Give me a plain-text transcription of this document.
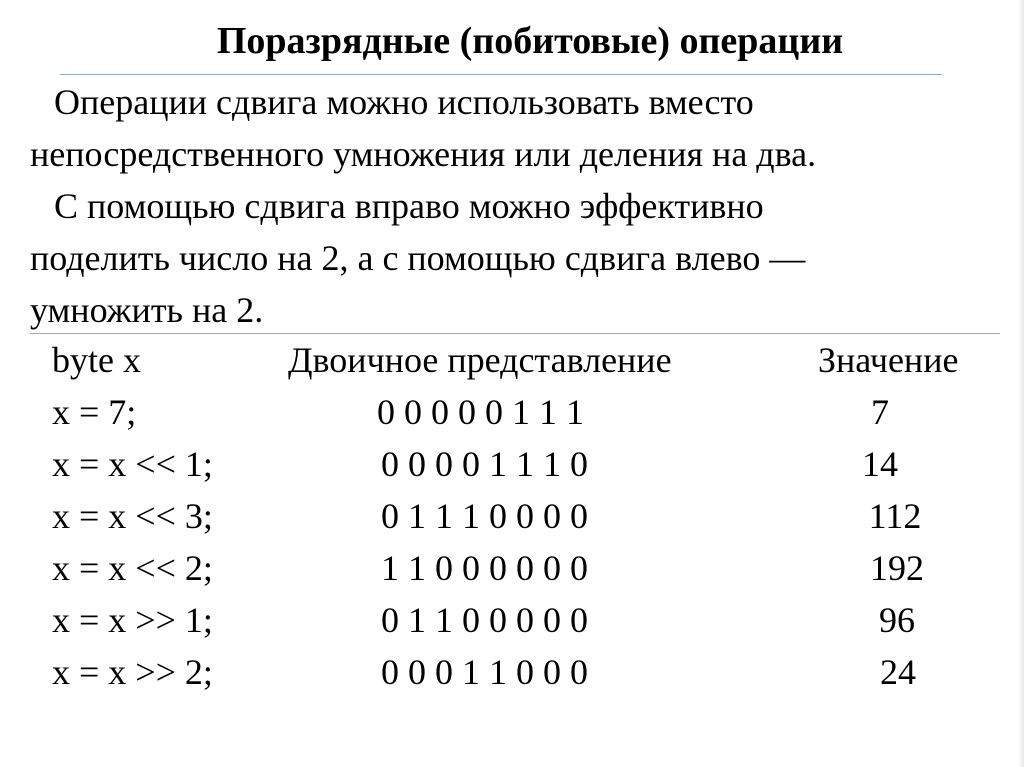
Поразрядные (побитовые) операции
Операции сдвига можно использовать вместо
непосредственного умножения или деления на два.
С помощью сдвига вправо можно эффективно
поделить число на 2, а с помощью сдвига влево —
умножить на 2.
byte x	Двоичное представление	Значение
x = 7;	0 0 0 0 0 1 1 1	7
x = x << 1;	0 0 0 0 1 1 1 0	14
x = x << 3;	0 1 1 1 0 0 0 0	112
x = x << 2;	1 1 0 0 0 0 0 0	192
x = x >> 1;	0 1 1 0 0 0 0 0	96
x = x >> 2;	0 0 0 1 1 0 0 0	24
